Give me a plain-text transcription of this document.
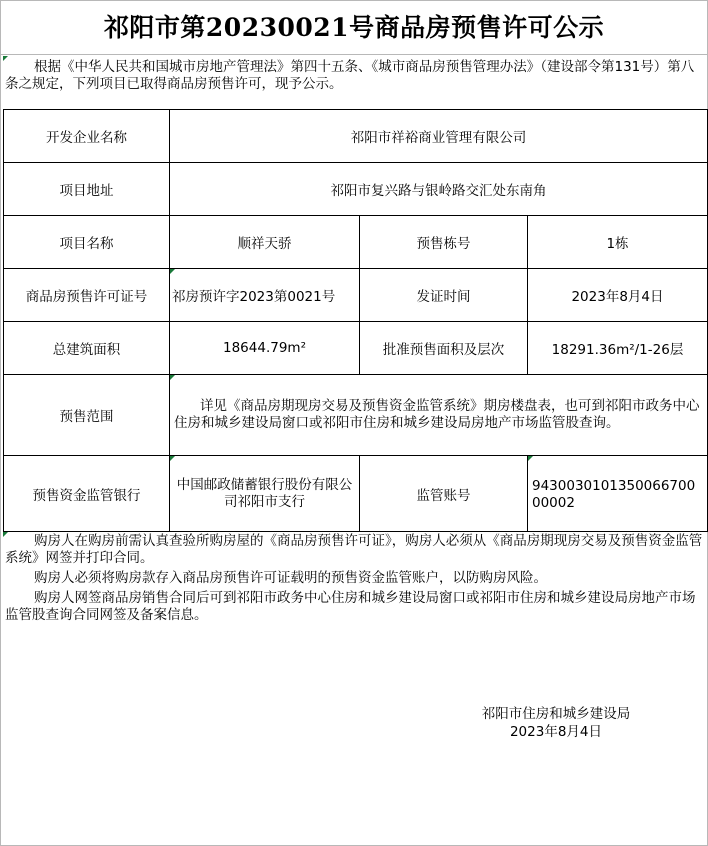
祁阳市第20230021号商品房预售许可公示
根据《中华人民共和国城市房地产管理法》第四十五条、《城市商品房预售管理办法》（建设部令第131号）第八条之规定，下列项目已取得商品房预售许可，现予公示。
开发企业名称	祁阳市祥裕商业管理有限公司		
项目地址	祁阳市复兴路与银岭路交汇处东南角		
项目名称	顺祥天骄	预售栋号	1栋
商品房预售许可证号	祁房预许字2023第0021号	发证时间	2023年8月4日
总建筑面积	18644.79m²	批准预售面积及层次	18291.36m²/1-26层
预售范围	详见《商品房期现房交易及预售资金监管系统》期房楼盘表，也可到祁阳市政务中心住房和城乡建设局窗口或祁阳市住房和城乡建设局房地产市场监管股查询。		
预售资金监管银行	中国邮政储蓄银行股份有限公司祁阳市支行	监管账号	943003010135006670000002

购房人在购房前需认真查验所购房屋的《商品房预售许可证》，购房人必须从《商品房期现房交易及预售资金监管系统》网签并打印合同。

购房人必须将购房款存入商品房预售许可证载明的预售资金监管账户，以防购房风险。

购房人网签商品房销售合同后可到祁阳市政务中心住房和城乡建设局窗口或祁阳市住房和城乡建设局房地产市场监管股查询合同网签及备案信息。

祁阳市住房和城乡建设局
2023年8月4日
